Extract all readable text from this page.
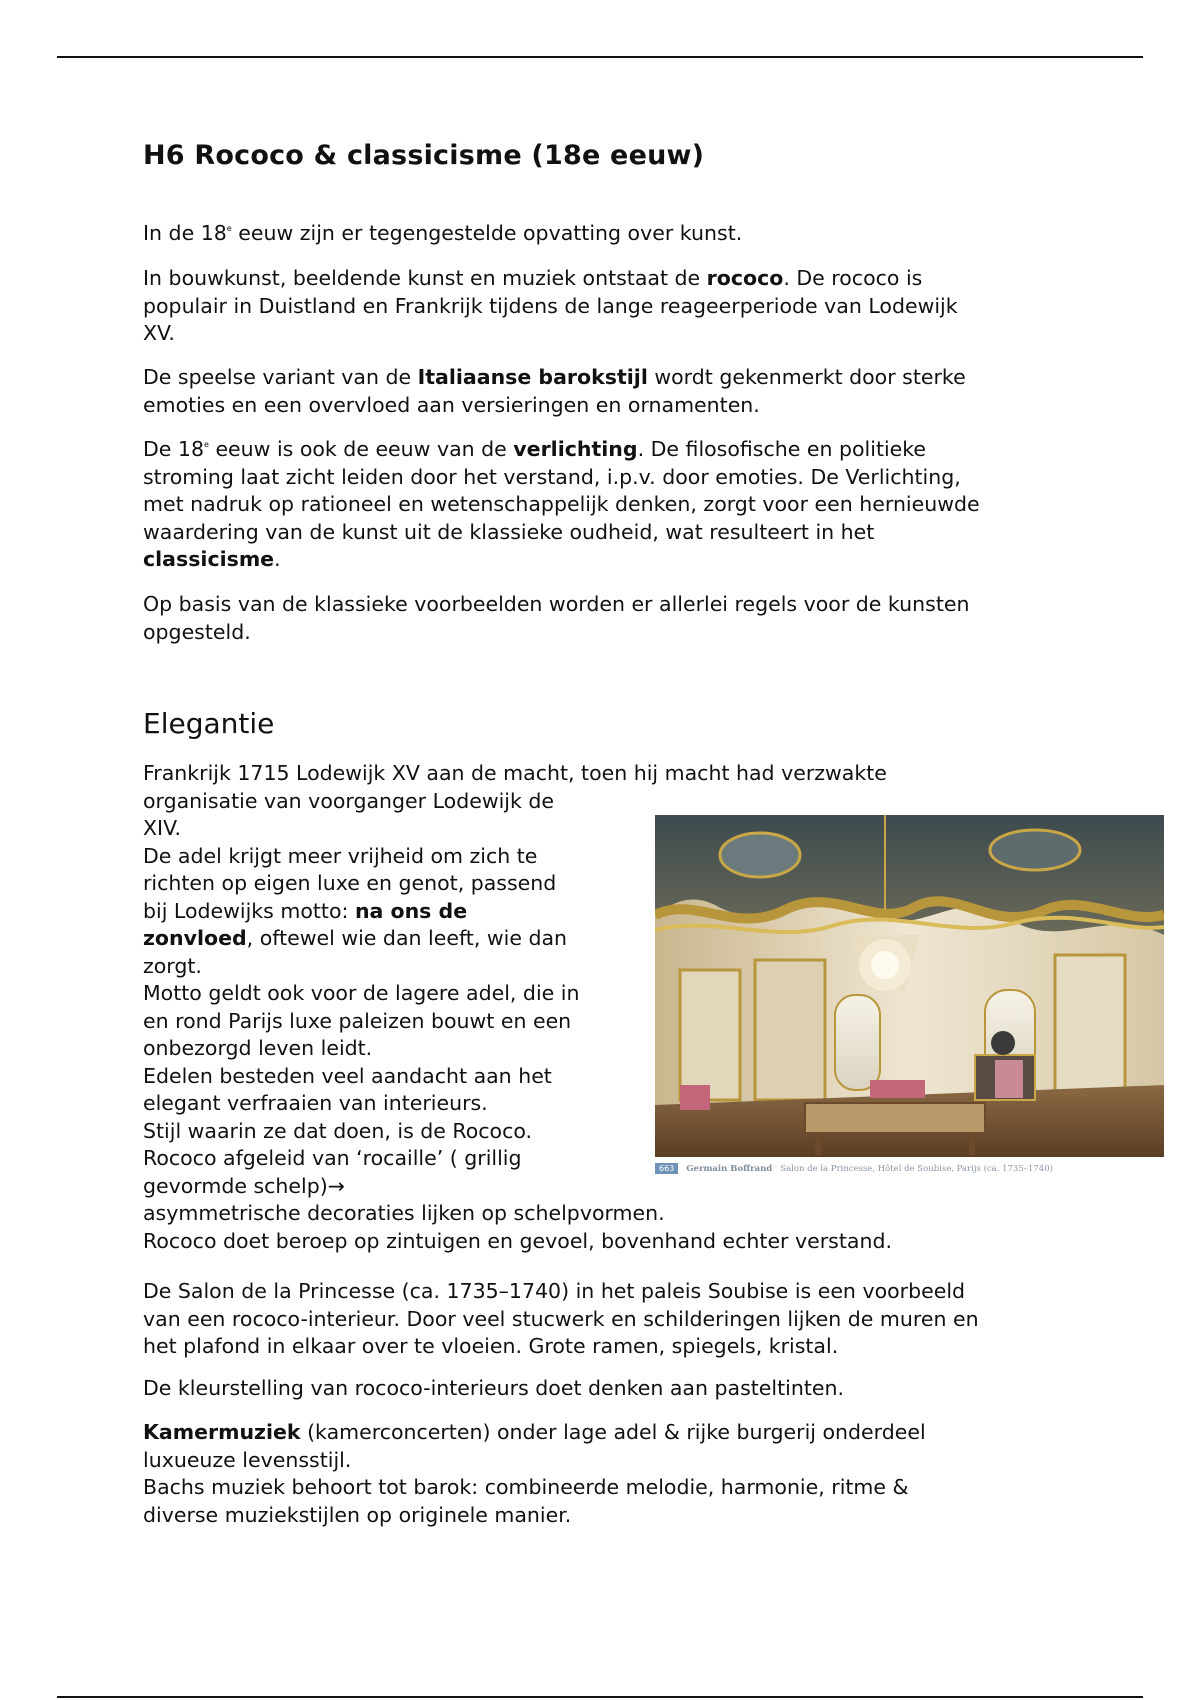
H6 Rococo & classicisme (18e eeuw)

In de 18e eeuw zijn er tegengestelde opvatting over kunst.

In bouwkunst, beeldende kunst en muziek ontstaat de rococo. De rococo is
populair in Duistland en Frankrijk tijdens de lange reageerperiode van Lodewijk
XV.

De speelse variant van de Italiaanse barokstijl wordt gekenmerkt door sterke
emoties en een overvloed aan versieringen en ornamenten.

De 18e eeuw is ook de eeuw van de verlichting. De filosofische en politieke
stroming laat zicht leiden door het verstand, i.p.v. door emoties. De Verlichting,
met nadruk op rationeel en wetenschappelijk denken, zorgt voor een hernieuwde
waardering van de kunst uit de klassieke oudheid, wat resulteert in het
classicisme.

Op basis van de klassieke voorbeelden worden er allerlei regels voor de kunsten
opgesteld.

Elegantie

Frankrijk 1715 Lodewijk XV aan de macht, toen hij macht had verzwakte
organisatie van voorganger Lodewijk de
XIV.
De adel krijgt meer vrijheid om zich te
richten op eigen luxe en genot, passend
bij Lodewijks motto: na ons de
zonvloed, oftewel wie dan leeft, wie dan
zorgt.
Motto geldt ook voor de lagere adel, die in
en rond Parijs luxe paleizen bouwt en een
onbezorgd leven leidt.
Edelen besteden veel aandacht aan het
elegant verfraaien van interieurs.
Stijl waarin ze dat doen, is de Rococo.
Rococo afgeleid van ‘rocaille’ ( grillig
gevormde schelp)→
asymmetrische decoraties lijken op schelpvormen.
Rococo doet beroep op zintuigen en gevoel, bovenhand echter verstand.

De Salon de la Princesse (ca. 1735–1740) in het paleis Soubise is een voorbeeld
van een rococo-interieur. Door veel stucwerk en schilderingen lijken de muren en
het plafond in elkaar over te vloeien. Grote ramen, spiegels, kristal.

De kleurstelling van rococo-interieurs doet denken aan pasteltinten.

Kamermuziek (kamerconcerten) onder lage adel & rijke burgerij onderdeel
luxueuze levensstijl.
Bachs muziek behoort tot barok: combineerde melodie, harmonie, ritme &
diverse muziekstijlen op originele manier.

663	Germain Boffrand Salon de la Princesse, Hôtel de Soubise, Parijs (ca. 1735–1740)
